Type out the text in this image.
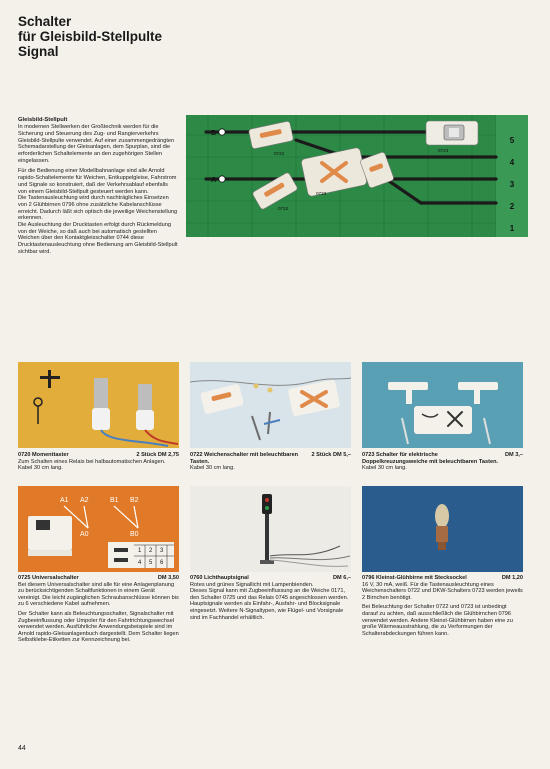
Schalter
für Gleisbild-Stellpulte
Signal
Gleisbild-Stellpult

In modernen Stellwerken der Großtechnik werden für die Sicherung und Steuerung des Zug- und Rangierverkehrs Gleisbild-Stellpulte verwendet. Auf einer zusammengedrängten Schemadarstellung der Gleisanlagen, dem Spurplan, sind die erforderlichen Schaltelemente an den zugehörigen Stellen eingelassen.

Für die Bedienung einer Modellbahnanlage sind alle Arnold rapido-Schaltelemente für Weichen, Entkuppelgleise, Fahrstrom und Signale so konstruiert, daß der Verkehrsablauf ebenfalls von einem Gleisbild-Stellpult gesteuert werden kann.
Die Tastenausleuchtung wird durch nachträgliches Einsetzen von 2 Glühbirnen 0796 ohne zusätzliche Kabelanschlüsse erreicht. Dadurch läßt sich optisch die jeweilige Weichenstellung erkennen.
Die Ausleuchtung der Drucktasten erfolgt durch Rückmeldung von der Weiche, so daß auch bei automatisch gestellten Weichen über den Kontaktgleisschalter 0744 diese Drucktastenausleuchtung ohne Bedienung am Gleisbild-Stellpult sichtbar wird.

B
A
5
4
3
2
1
0722
0722
0723
0723
0720 Momenttaster	2 Stück DM 2,75

Zum Schalten eines Relais bei halbautomatischen Anlagen. Kabel 30 cm lang.

0722 Weichenschalter mit beleuchtbaren Tasten.
2 Stück DM 5,–

Kabel 30 cm lang.

0723 Schalter für elektrische Doppelkreuzungsweiche mit beleuchtbaren Tasten.
DM 3,–

Kabel 30 cm lang.

A1 A2	B1 B2
A0	B0
1 2 3
4 5 6
0725 Universalschalter	DM 3,50

Bei diesem Universalschalter sind alle für eine Anlagenplanung zu berücksichtigenden Schaltfunktionen in einem Gerät vereinigt. Die leicht zugänglichen Schraubanschlüsse können bis zu 6 verschiedene Kabel aufnehmen.

Der Schalter kann als Beleuchtungsschalter, Signalschalter mit Zugbeeinflussung oder Umpoler für den Fahrtrichtungswechsel verwendet werden. Ausführliche Anwendungsbeispiele sind im Arnold rapido-Gleisanlagenbuch dargestellt. Dem Schalter liegen Selbstklebe-Etiketten zur Kennzeichnung bei.

0760 Lichthauptsignal	DM 6,–

Rotes und grünes Signallicht mit Lampenbienden.

Dieses Signal kann mit Zugbeeinflussung an die Weiche 0171, den Schalter 0725 und das Relais 0745 angeschlossen werden.
Hauptsignale werden als Einfahr-, Ausfahr- und Blocksignale eingesetzt. Weitere N-Signaltypen, wie Flügel- und Vorsignale sind im Fachhandel erhältlich.

0796 Kleinst-Glühbirne mit Stecksockel	DM 1,20

16 V, 30 mA, weiß. Für die Tastenausleuchtung eines Weichenschalters 0722 und DKW-Schalters 0723 werden jeweils 2 Birnchen benötigt.

Bei Beleuchtung der Schalter 0722 und 0723 ist unbedingt darauf zu achten, daß ausschließlich die Glühbirnchen 0796 verwendet werden. Andere Kleinst-Glühbirnen haben eine zu große Wärmeausstrahlung, die zu Verformungen der Schalterabdeckungen führen kann.

44
